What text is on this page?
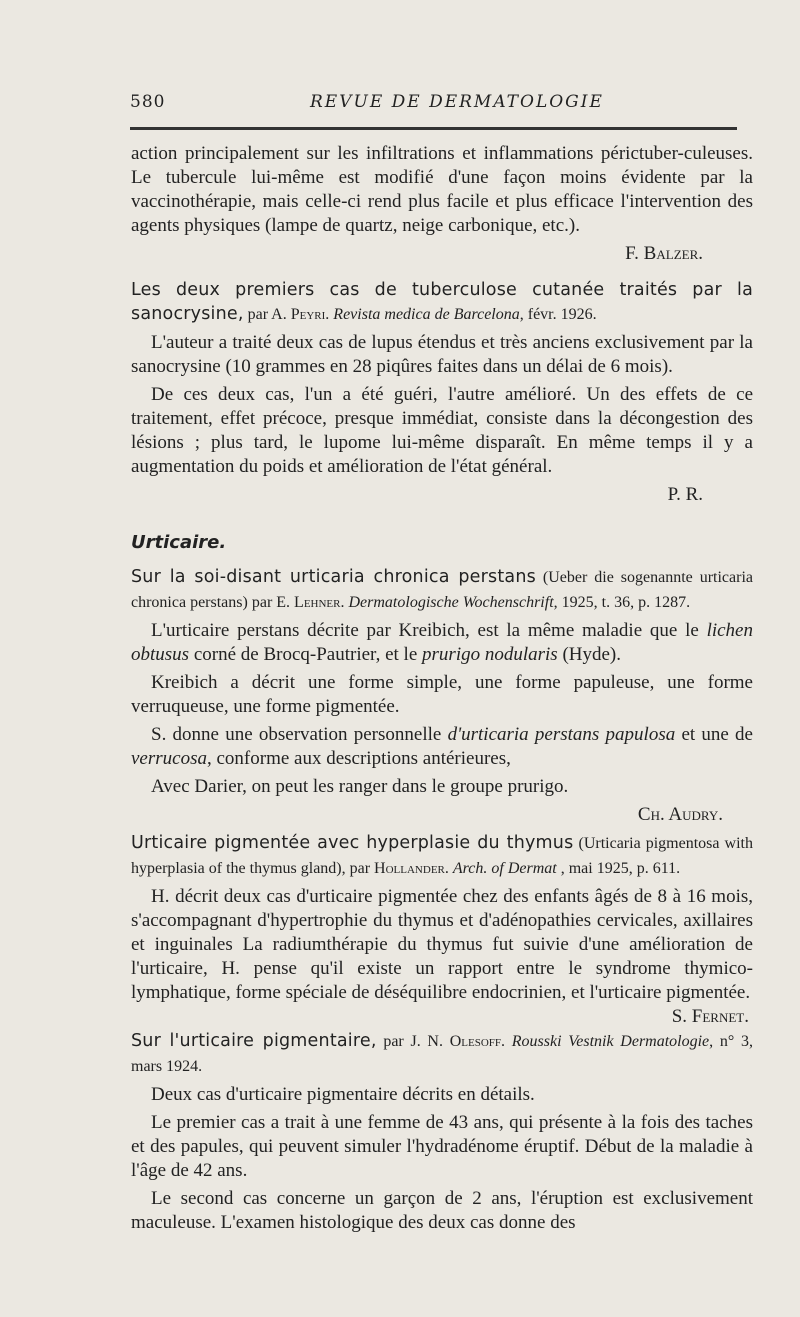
580	REVUE DE DERMATOLOGIE

action principalement sur les infiltrations et inflammations périctuber-culeuses. Le tubercule lui-même est modifié d'une façon moins évidente par la vaccinothérapie, mais celle-ci rend plus facile et plus efficace l'intervention des agents physiques (lampe de quartz, neige carbonique, etc.).

F. Balzer.

Les deux premiers cas de tuberculose cutanée traités par la sanocrysine, par A. Peyri. Revista medica de Barcelona, févr. 1926.

L'auteur a traité deux cas de lupus étendus et très anciens exclusivement par la sanocrysine (10 grammes en 28 piqûres faites dans un délai de 6 mois).

De ces deux cas, l'un a été guéri, l'autre amélioré. Un des effets de ce traitement, effet précoce, presque immédiat, consiste dans la décongestion des lésions ; plus tard, le lupome lui-même disparaît. En même temps il y a augmentation du poids et amélioration de l'état général.

P. R.

Urticaire.

Sur la soi-disant urticaria chronica perstans (Ueber die sogenannte urticaria chronica perstans) par E. Lehner. Dermatologische Wochenschrift, 1925, t. 36, p. 1287.

L'urticaire perstans décrite par Kreibich, est la même maladie que le lichen obtusus corné de Brocq-Pautrier, et le prurigo nodularis (Hyde).

Kreibich a décrit une forme simple, une forme papuleuse, une forme verruqueuse, une forme pigmentée.

S. donne une observation personnelle d'urticaria perstans papulosa et une de verrucosa, conforme aux descriptions antérieures,

Avec Darier, on peut les ranger dans le groupe prurigo.

Ch. Audry.

Urticaire pigmentée avec hyperplasie du thymus (Urticaria pigmentosa with hyperplasia of the thymus gland), par Hollander. Arch. of Dermat , mai 1925, p. 611.

H. décrit deux cas d'urticaire pigmentée chez des enfants âgés de 8 à 16 mois, s'accompagnant d'hypertrophie du thymus et d'adénopathies cervicales, axillaires et inguinales La radiumthérapie du thymus fut suivie d'une amélioration de l'urticaire, H. pense qu'il existe un rapport entre le syndrome thymico-lymphatique, forme spéciale de déséquilibre endocrinien, et l'urticaire pigmentée.
S. Fernet.

Sur l'urticaire pigmentaire, par J. N. Olesoff. Rousski Vestnik Dermatologie, n° 3, mars 1924.

Deux cas d'urticaire pigmentaire décrits en détails.

Le premier cas a trait à une femme de 43 ans, qui présente à la fois des taches et des papules, qui peuvent simuler l'hydradénome éruptif. Début de la maladie à l'âge de 42 ans.

Le second cas concerne un garçon de 2 ans, l'éruption est exclusivement maculeuse. L'examen histologique des deux cas donne des
